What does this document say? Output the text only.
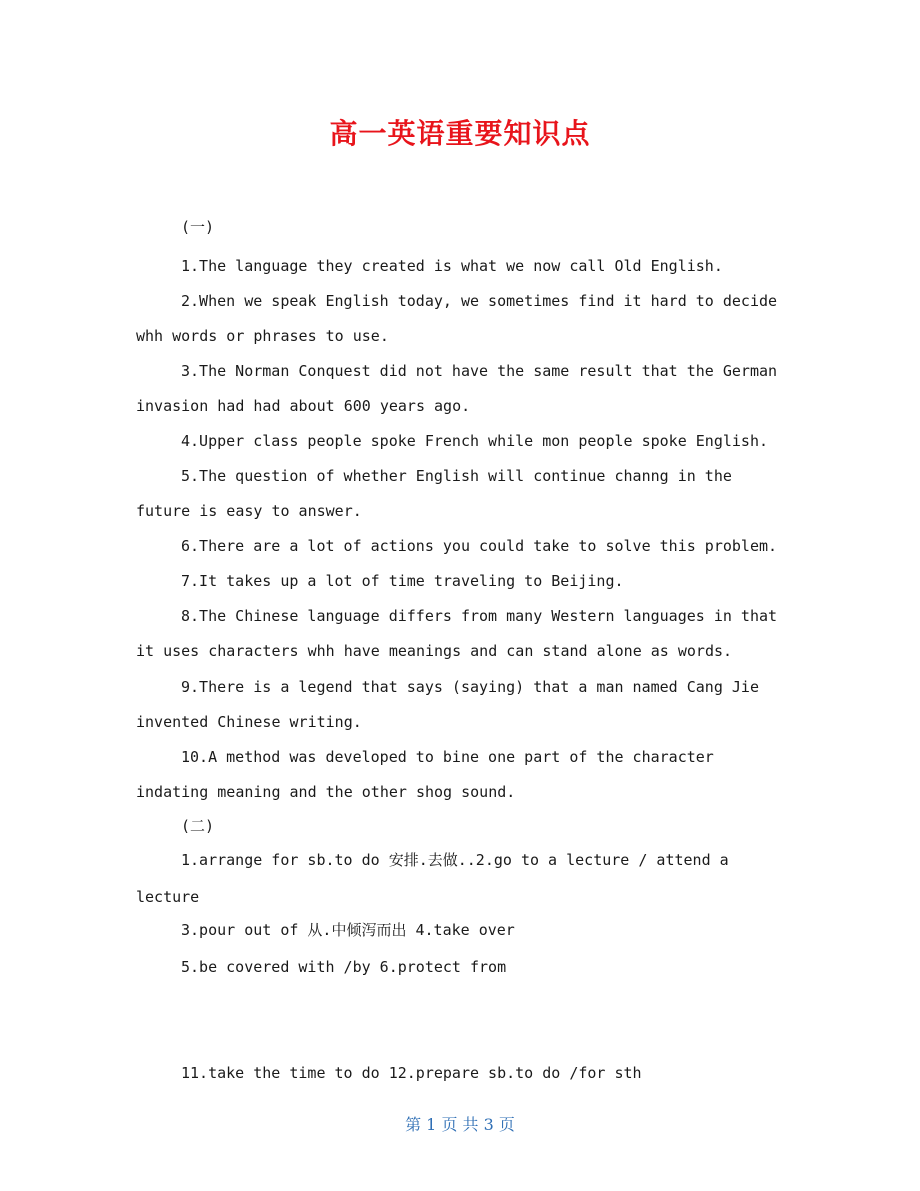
高一英语重要知识点

(一)

1.The language they created is what we now call Old English.

2.When we speak English today, we sometimes find it hard to decide

whh words or phrases to use.

3.The Norman Conquest did not have the same result that the German

invasion had had about 600 years ago.

4.Upper class people spoke French while mon people spoke English.

5.The question of whether English will continue channg in the

future is easy to answer.

6.There are a lot of actions you could take to solve this problem.

7.It takes up a lot of time traveling to Beijing.

8.The Chinese language differs from many Western languages in that

it uses characters whh have meanings and can stand alone as words.

9.There is a legend that says (saying) that a man named Cang Jie

invented Chinese writing.

10.A method was developed to bine one part of the character

indating meaning and the other shog sound.

(二)

1.arrange for sb.to do 安排.去做..2.go to a lecture / attend a

lecture

3.pour out of 从.中倾泻而出 4.take over

5.be covered with /by 6.protect from

11.take the time to do 12.prepare sb.to do /for sth

第 1 页 共 3 页
